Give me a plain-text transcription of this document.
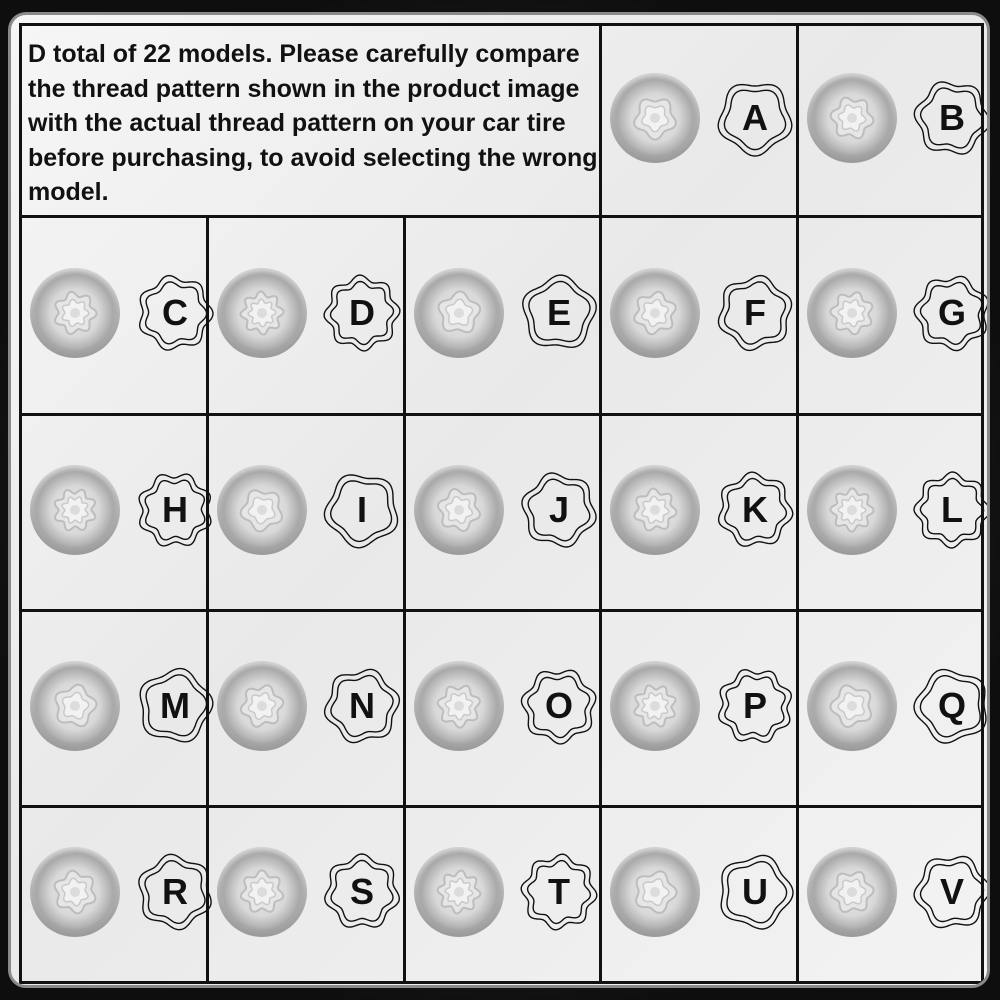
D total of 22 models. Please carefully compare the thread pattern shown in the product image with the actual thread pattern on your car tire before purchasing, to avoid selecting the wrong model.
A	B
C	D	E	F	G
H	I	J	K	L
M	N	O	P	Q
R	S	T	U	V
